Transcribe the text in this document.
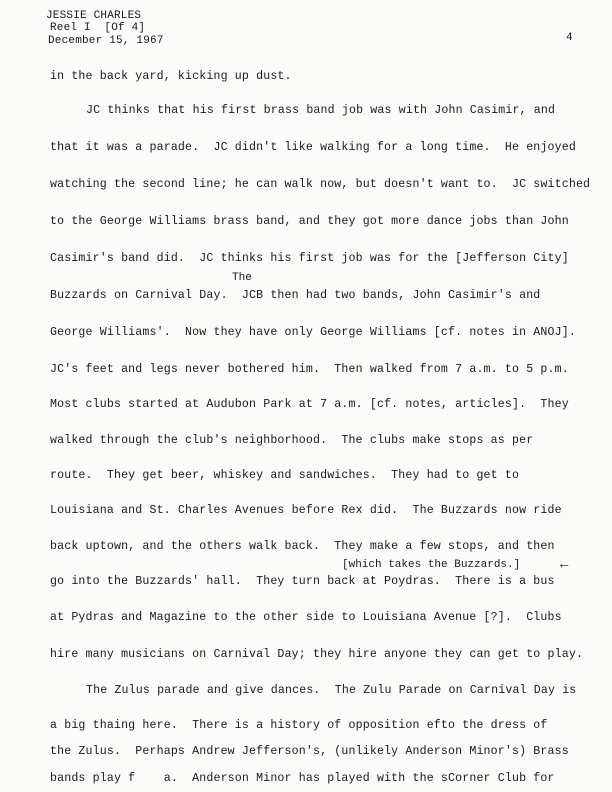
JESSIE CHARLES
Reel I  [Of 4]
December 15, 1967	4
in the back yard, kicking up dust.
JC thinks that his first brass band job was with John Casimir, and
that it was a parade.  JC didn't like walking for a long time.  He enjoyed
watching the second line; he can walk now, but doesn't want to.  JC switched
to the George Williams brass band, and they got more dance jobs than John
Casimir's band did.  JC thinks his first job was for the [Jefferson City]
The
Buzzards on Carnival Day.  JCB then had two bands, John Casimir's and
George Williams'.  Now they have only George Williams [cf. notes in ANOJ].
JC's feet and legs never bothered him.  Then walked from 7 a.m. to 5 p.m.
Most clubs started at Audubon Park at 7 a.m. [cf. notes, articles].  They
walked through the club's neighborhood.  The clubs make stops as per
route.  They get beer, whiskey and sandwiches.  They had to get to
Louisiana and St. Charles Avenues before Rex did.  The Buzzards now ride
back uptown, and the others walk back.  They make a few stops, and then
[which takes the Buzzards.]	←
go into the Buzzards' hall.  They turn back at Poydras.  There is a bus
at Pydras and Magazine to the other side to Louisiana Avenue [?].  Clubs
hire many musicians on Carnival Day; they hire anyone they can get to play.
The Zulus parade and give dances.  The Zulu Parade on Carnival Day is
a big thaing here.  There is a history of opposition efto the dress of
the Zulus.  Perhaps Andrew Jefferson's, (unlikely Anderson Minor's) Brass
bands play f    a.  Anderson Minor has played with the sCorner Club for
